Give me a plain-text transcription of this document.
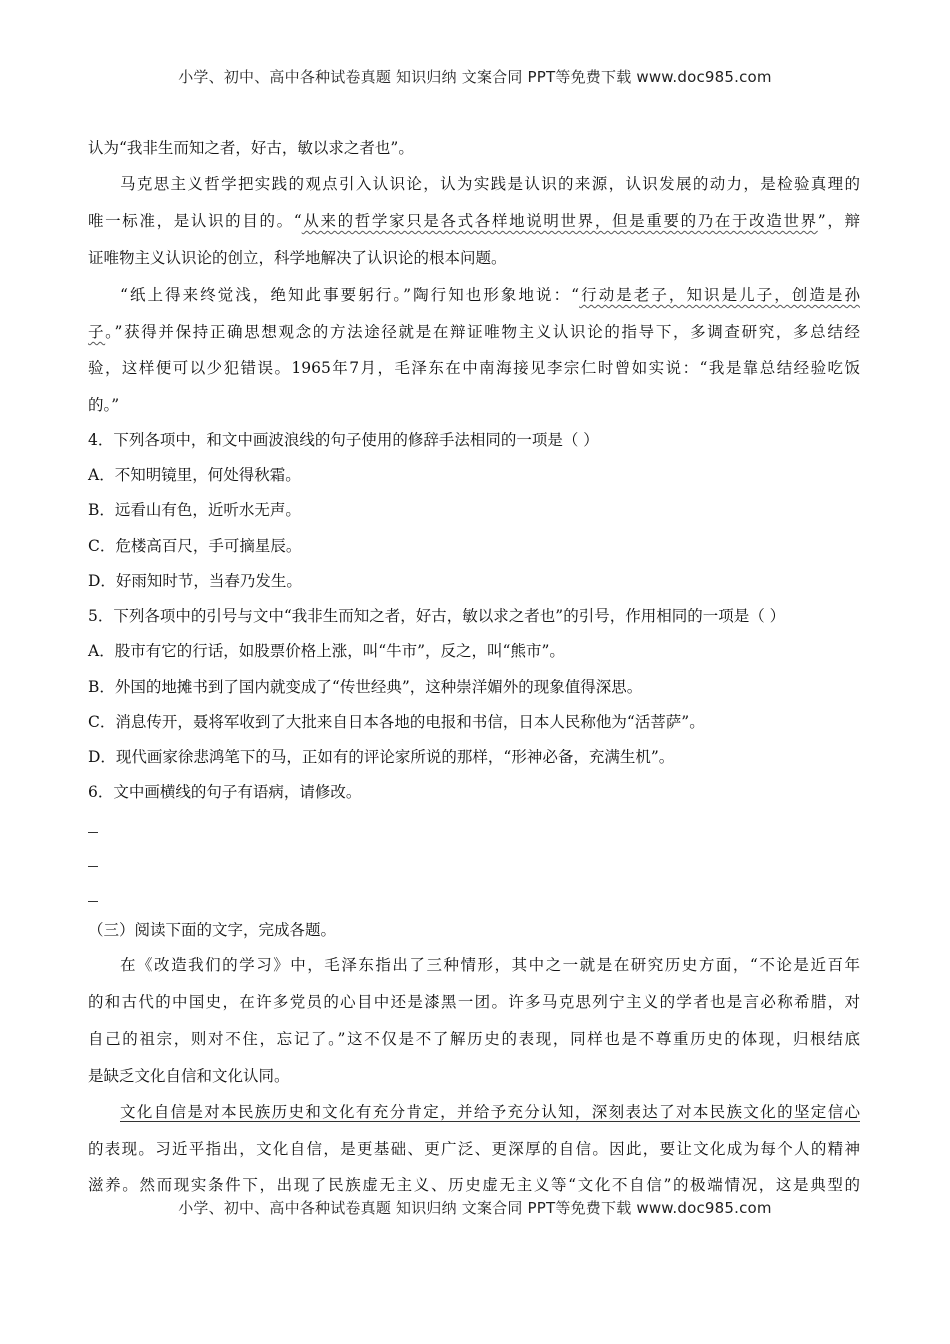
小学、初中、高中各种试卷真题 知识归纳 文案合同 PPT等免费下载 www.doc985.com
认为“我非生而知之者，好古，敏以求之者也”。
马克思主义哲学把实践的观点引入认识论，认为实践是认识的来源，认识发展的动力，是检验真理的
唯一标准，是认识的目的。“从来的哲学家只是各式各样地说明世界，但是重要的乃在于改造世界”，辩
证唯物主义认识论的创立，科学地解决了认识论的根本问题。
“纸上得来终觉浅，绝知此事要躬行。”陶行知也形象地说：“行动是老子，知识是儿子，创造是孙
子。”获得并保持正确思想观念的方法途径就是在辩证唯物主义认识论的指导下，多调查研究，多总结经
验，这样便可以少犯错误。1965年7月，毛泽东在中南海接见李宗仁时曾如实说：“我是靠总结经验吃饭
的。”
4．下列各项中，和文中画波浪线的句子使用的修辞手法相同的一项是（ ）
A．不知明镜里，何处得秋霜。
B．远看山有色，近听水无声。
C．危楼高百尺，手可摘星辰。
D．好雨知时节，当春乃发生。
5．下列各项中的引号与文中“我非生而知之者，好古，敏以求之者也”的引号，作用相同的一项是（ ）
A．股市有它的行话，如股票价格上涨，叫“牛市”，反之，叫“熊市”。
B．外国的地摊书到了国内就变成了“传世经典”，这种崇洋媚外的现象值得深思。
C．消息传开，聂将军收到了大批来自日本各地的电报和书信，日本人民称他为“活菩萨”。
D．现代画家徐悲鸿笔下的马，正如有的评论家所说的那样，“形神必备，充满生机”。
6．文中画横线的句子有语病，请修改。
（三）阅读下面的文字，完成各题。
在《改造我们的学习》中，毛泽东指出了三种情形，其中之一就是在研究历史方面，“不论是近百年
的和古代的中国史，在许多党员的心目中还是漆黑一团。许多马克思列宁主义的学者也是言必称希腊，对
自己的祖宗，则对不住，忘记了。”这不仅是不了解历史的表现，同样也是不尊重历史的体现，归根结底
是缺乏文化自信和文化认同。
文化自信是对本民族历史和文化有充分肯定，并给予充分认知，深刻表达了对本民族文化的坚定信心
的表现。习近平指出，文化自信，是更基础、更广泛、更深厚的自信。因此，要让文化成为每个人的精神
滋养。然而现实条件下，出现了民族虚无主义、历史虚无主义等“文化不自信”的极端情况，这是典型的
小学、初中、高中各种试卷真题 知识归纳 文案合同 PPT等免费下载 www.doc985.com
